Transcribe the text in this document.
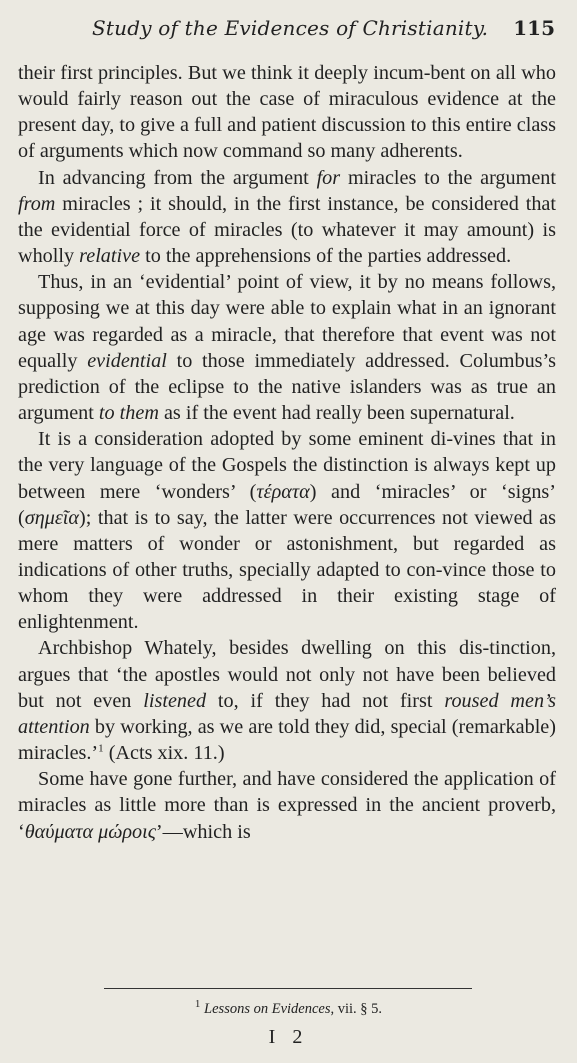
Study of the Evidences of Christianity. 115

their first principles. But we think it deeply incum-bent on all who would fairly reason out the case of miraculous evidence at the present day, to give a full and patient discussion to this entire class of arguments which now command so many adherents.

In advancing from the argument for miracles to the argument from miracles ; it should, in the first instance, be considered that the evidential force of miracles (to whatever it may amount) is wholly relative to the apprehensions of the parties addressed.

Thus, in an ‘evidential’ point of view, it by no means follows, supposing we at this day were able to explain what in an ignorant age was regarded as a miracle, that therefore that event was not equally evidential to those immediately addressed. Columbus’s prediction of the eclipse to the native islanders was as true an argument to them as if the event had really been supernatural.

It is a consideration adopted by some eminent di-vines that in the very language of the Gospels the distinction is always kept up between mere ‘wonders’ (τέρατα) and ‘miracles’ or ‘signs’ (σημεῖα); that is to say, the latter were occurrences not viewed as mere matters of wonder or astonishment, but regarded as indications of other truths, specially adapted to con-vince those to whom they were addressed in their existing stage of enlightenment.

Archbishop Whately, besides dwelling on this dis-tinction, argues that ‘the apostles would not only not have been believed but not even listened to, if they had not first roused men’s attention by working, as we are told they did, special (remarkable) miracles.’$^1$ (Acts xix. 11.)

Some have gone further, and have considered the application of miracles as little more than is expressed in the ancient proverb, ‘θαύματα μώροις’—which is

$^1$ Lessons on Evidences, vii. § 5.
I 2
